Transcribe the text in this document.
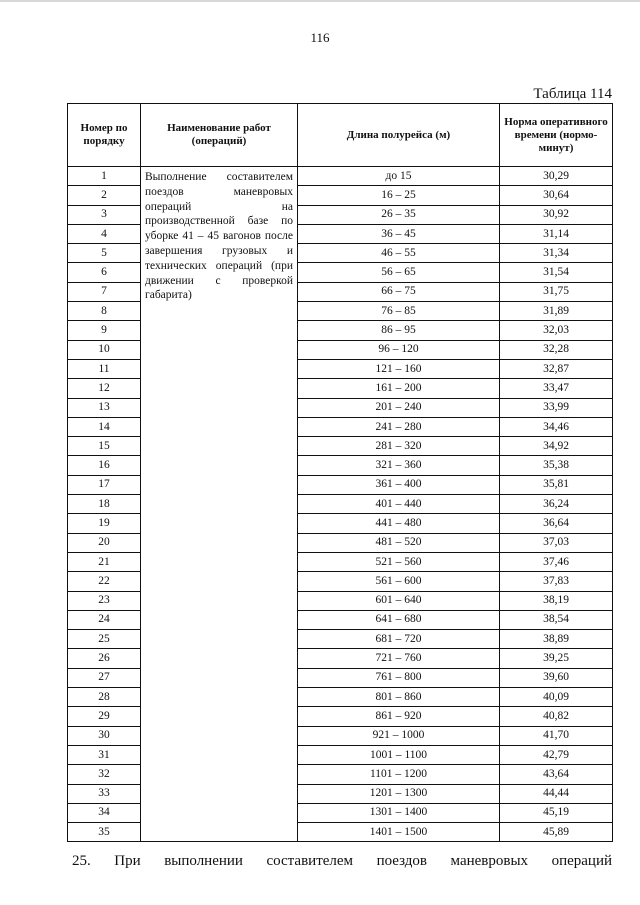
116
Таблица 114
Номер по порядку	Наименование работ (операций)	Длина полурейса (м)	Норма оперативного времени (нормо-минут)
1	Выполнение составителем поездов маневровых операций на производственной базе по уборке 41 – 45 вагонов после завершения грузовых и технических операций (при движении с проверкой габарита)	до 15	30,29
2		16 – 25	30,64
3		26 – 35	30,92
4		36 – 45	31,14
5		46 – 55	31,34
6		56 – 65	31,54
7		66 – 75	31,75
8		76 – 85	31,89
9		86 – 95	32,03
10		96 – 120	32,28
11		121 – 160	32,87
12		161 – 200	33,47
13		201 – 240	33,99
14		241 – 280	34,46
15		281 – 320	34,92
16		321 – 360	35,38
17		361 – 400	35,81
18		401 – 440	36,24
19		441 – 480	36,64
20		481 – 520	37,03
21		521 – 560	37,46
22		561 – 600	37,83
23		601 – 640	38,19
24		641 – 680	38,54
25		681 – 720	38,89
26		721 – 760	39,25
27		761 – 800	39,60
28		801 – 860	40,09
29		861 – 920	40,82
30		921 – 1000	41,70
31		1001 – 1100	42,79
32		1101 – 1200	43,64
33		1201 – 1300	44,44
34		1301 – 1400	45,19
35		1401 – 1500	45,89
25. При выполнении составителем поездов маневровых операций
